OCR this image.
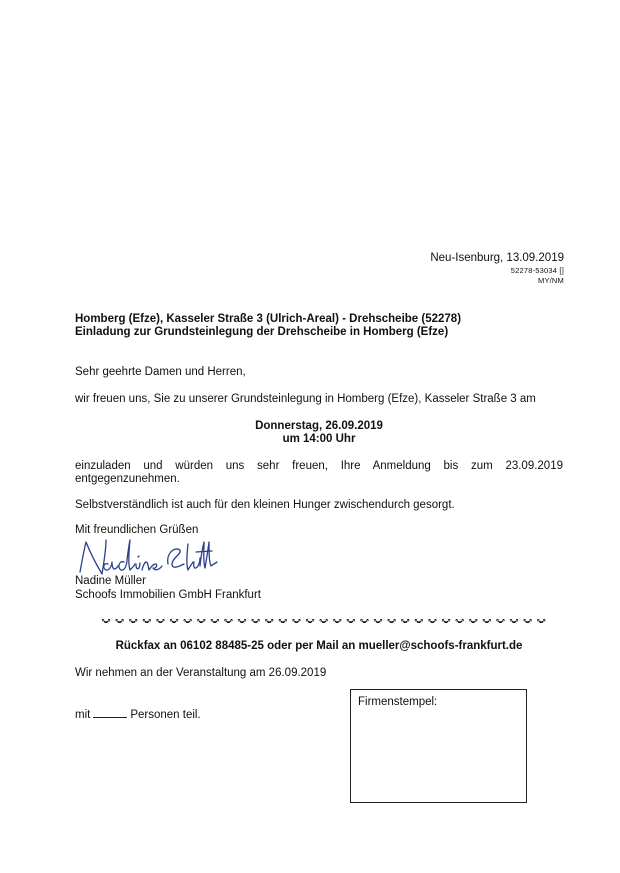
Neu-Isenburg, 13.09.2019
52278-53034 []
MY/NM
Homberg (Efze), Kasseler Straße 3 (Ulrich-Areal) - Drehscheibe (52278)
Einladung zur Grundsteinlegung der Drehscheibe in Homberg (Efze)
Sehr geehrte Damen und Herren,
wir freuen uns, Sie zu unserer Grundsteinlegung in Homberg (Efze), Kasseler Straße 3 am
Donnerstag, 26.09.2019
um 14:00 Uhr
einzuladen und würden uns sehr freuen, Ihre Anmeldung bis zum 23.09.2019
entgegenzunehmen.
Selbstverständlich ist auch für den kleinen Hunger zwischendurch gesorgt.
Mit freundlichen Grüßen
Nadine Müller
Schoofs Immobilien GmbH Frankfurt
Rückfax an 06102 88485-25 oder per Mail an mueller@schoofs-frankfurt.de
Wir nehmen an der Veranstaltung am 26.09.2019
mit	Personen teil.
Firmenstempel:
